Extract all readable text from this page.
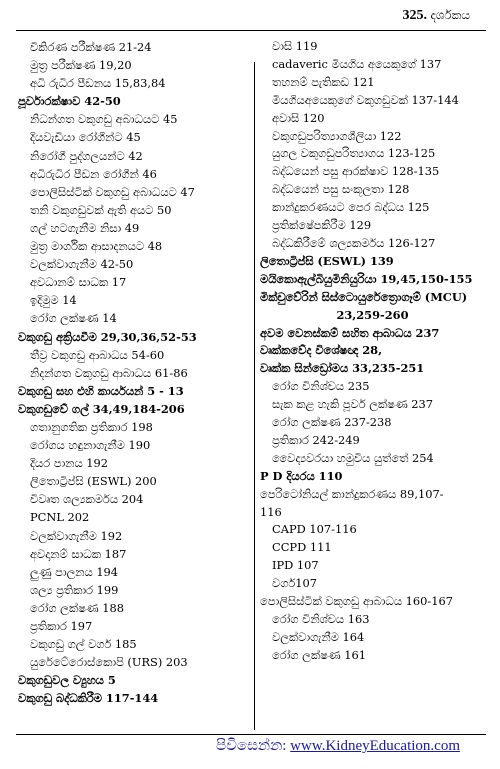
325. දර්ශකය
විකිරණ පරීක්ෂණ 21-24
මුත්‍ර පරීක්ෂණ 19,20
අධි රුධිර පීඩනය 15,83,84
පූර්වාරක්ෂාව 42-50
නිධන්ගත වකුගඩු අබාධයට 45
දියවැඩියා රෝගීන්ට 45
නිරෝගී පුද්ගලයන්ට 42
අධිරුධිර පීඩන රෝගීන් 46
පොලිසිස්ටික් වකුගඩු අබාධයට 47
තනි වකුගඩුවක් ඇති අයට 50
ගල් හටගැනීම නිසා 49
මුත්‍ර මාර්ගික ආසාදනයට 48
වලක්වාගැනීම 42-50
අවධානම් සාධක 17
ඉදිමුම 14
රෝග ලක්ෂණ 14
වකුගඩු අක්‍රියවීම 29,30,36,52-53
තීව්‍ර වකුගඩු ආබාධය 54-60
නිදන්ගත වකුගඩු ආබාධය 61-86
වකුගඩු සහ එහි කාර්යයන් 5 - 13
වකුගඩුවේ ගල් 34,49,184-206
ගතානුගතික ප්‍රතිකාර 198
රෝගය හඳුනාගැනීම 190
දියර පානය 192
ලිතොට්‍රිප්සි (ESWL) 200
විවෘත ශල්‍යකර්මය 204
PCNL 202
වලක්වාගැනීම 192
අවදානම් සාධක 187
ලුණු පාලනය 194
ශල්‍ය ප්‍රතිකාර 199
රෝග ලක්ෂණ 188
ප්‍රතිකාර 197
වකුගඩු ගල් වර්ග 185
යුරේටේරොස්කොපි (URS) 203
වකුගඩුවල ව්‍යුහය 5
වකුගඩු බද්ධකිරීම 117-144
වාසි 119
cadaveric මියගිය අයෙකුගේ 137
තහනම් පැතිකඩ 121
මියගියඅයෙකුගේ වකුගඩුවක් 137-144
අවාසි 120
වකුගඩුපරිත්‍යාගශීලියා 122
යුගල වකුගඩුපරිත්‍යාගය 123-125
බද්ධයෙන් පසු ආරක්ෂාව 128-135
බද්ධයෙන් පසු සංකූලතා 128
කාන්දුකරණයට පෙර බද්ධය 125
ප්‍රතික්ෂේපකිරීම 129
බද්ධකිරීමේ ශල්‍යකර්මය 126-127
ලිතොට්‍රිප්සි (ESWL) 139
මයිකොඇල්බියුමිනියුරියා 19,45,150-155
මික්චුවේරින් සිස්ටොයුරේත්‍රොගෑම් (MCU)
23,259-260
අවම වෙනස්කම් සහිත ආබාධය 237
වෘක්කවේද විශේෂඥ 28,
වෘක්ක සින්ඩ්‍රෝමය 33,235-251
රෝග විනිශ්චය 235
සැක කළ හැකි පූර්ව ලක්ෂණ 237
රෝග ලක්ෂණ 237-238
ප්‍රතිකාර 242-249
වෛද්‍යවරයා හමුවිය යුත්තේ 254
P D දියරය 110
පෙරිටෝනියල් කාන්දුකරණය 89,107-
116
CAPD 107-116
CCPD 111
IPD 107
වර්ග107
පොලිසිස්ටික් වකුගඩු ආබාධය 160-167
රෝග විනිශ්චය 163
වලක්වාගැනීම 164
රෝග ලක්ෂණ 161
පිවිසෙන්න: www.KidneyEducation.com
